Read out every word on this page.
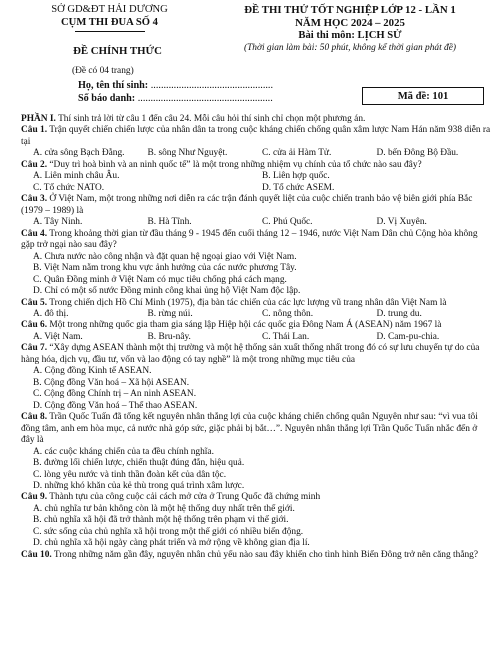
SỞ GD&ĐT HẢI DƯƠNG
CỤM THI ĐUA SỐ 4
ĐỀ THI THỬ TỐT NGHIỆP LỚP 12 - LẦN 1
NĂM HỌC 2024 – 2025
Bài thi môn: LỊCH SỬ
(Thời gian làm bài: 50 phút, không kể thời gian phát đề)
ĐỀ CHÍNH THỨC
(Đề có 04 trang)
Họ, tên thí sinh: ................................................
Số báo danh: .....................................................	Mã đề: 101

PHẦN I. Thí sinh trả lời từ câu 1 đến câu 24. Mỗi câu hỏi thí sinh chỉ chọn một phương án.

Câu 1. Trận quyết chiến chiến lược của nhân dân ta trong cuộc kháng chiến chống quân xâm lược Nam Hán năm 938 diễn ra tại

A. cửa sông Bạch Đằng.	B. sông Như Nguyệt.	C. cửa ải Hàm Tử.	D. bến Đông Bộ Đầu.

Câu 2. “Duy trì hoà bình và an ninh quốc tế” là một trong những nhiệm vụ chính của tổ chức nào sau đây?

A. Liên minh châu Âu.	B. Liên hợp quốc.
C. Tổ chức NATO.	D. Tổ chức ASEM.

Câu 3. Ở Việt Nam, một trong những nơi diễn ra các trận đánh quyết liệt của cuộc chiến tranh bảo vệ biên giới phía Bắc (1979 – 1989) là

A. Tây Ninh.	B. Hà Tĩnh.	C. Phú Quốc.	D. Vị Xuyên.

Câu 4. Trong khoảng thời gian từ đầu tháng 9 - 1945 đến cuối tháng 12 – 1946, nước Việt Nam Dân chủ Cộng hòa không gặp trở ngại nào sau đây?

A. Chưa nước nào công nhận và đặt quan hệ ngoại giao với Việt Nam.
B. Việt Nam nằm trong khu vực ảnh hưởng của các nước phương Tây.
C. Quân Đồng minh ở Việt Nam có mục tiêu chống phá cách mạng.
D. Chỉ có một số nước Đồng minh công khai ủng hộ Việt Nam độc lập.

Câu 5. Trong chiến dịch Hồ Chí Minh (1975), địa bàn tác chiến của các lực lượng vũ trang nhân dân Việt Nam là

A. đô thị.	B. rừng núi.	C. nông thôn.	D. trung du.

Câu 6. Một trong những quốc gia tham gia sáng lập Hiệp hội các quốc gia Đông Nam Á (ASEAN) năm 1967 là

A. Việt Nam.	B. Bru-nây.	C. Thái Lan.	D. Cam-pu-chia.

Câu 7. “Xây dựng ASEAN thành một thị trường và một hệ thống sản xuất thống nhất trong đó có sự lưu chuyển tự do của hàng hóa, dịch vụ, đầu tư, vốn và lao động có tay nghề” là một trong những mục tiêu của

A. Cộng đồng Kinh tế ASEAN.
B. Cộng đồng Văn hoá – Xã hội ASEAN.
C. Cộng đồng Chính trị – An ninh ASEAN.
D. Cộng đồng Văn hoá – Thể thao ASEAN.

Câu 8. Trần Quốc Tuấn đã tổng kết nguyên nhân thắng lợi của cuộc kháng chiến chống quân Nguyên như sau: “vì vua tôi đồng tâm, anh em hòa mục, cả nước nhà góp sức, giặc phải bị bắt…”. Nguyên nhân thắng lợi Trần Quốc Tuấn nhắc đến ở đây là

A. các cuộc kháng chiến của ta đều chính nghĩa.
B. đường lối chiến lược, chiến thuật đúng đắn, hiệu quả.
C. lòng yêu nước và tinh thần đoàn kết của dân tộc.
D. những khó khăn của kẻ thù trong quá trình xâm lược.

Câu 9. Thành tựu của công cuộc cải cách mở cửa ở Trung Quốc đã chứng minh

A. chủ nghĩa tư bản không còn là một hệ thống duy nhất trên thế giới.
B. chủ nghĩa xã hội đã trở thành một hệ thống trên phạm vi thế giới.
C. sức sống của chủ nghĩa xã hội trong một thế giới có nhiều biến động.
D. chủ nghĩa xã hội ngày càng phát triển và mở rộng về không gian địa lí.

Câu 10. Trong những năm gần đây, nguyên nhân chủ yếu nào sau đây khiến cho tình hình Biển Đông trở nên căng thẳng?
